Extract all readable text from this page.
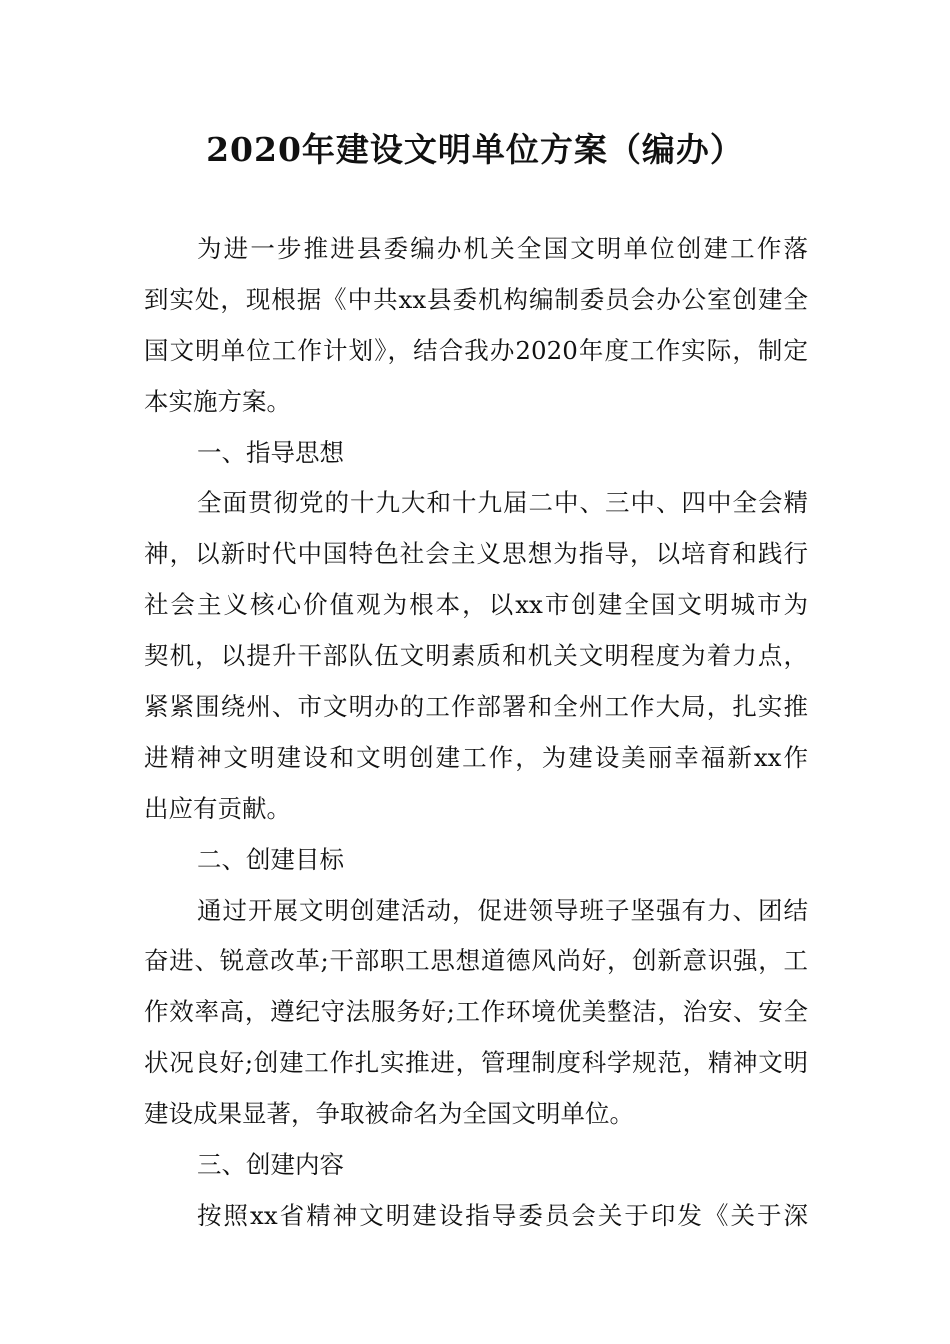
2020年建设文明单位方案（编办）
为进一步推进县委编办机关全国文明单位创建工作落
到实处，现根据《中共xx县委机构编制委员会办公室创建全
国文明单位工作计划》，结合我办2020年度工作实际，制定
本实施方案。
一、指导思想
全面贯彻党的十九大和十九届二中、三中、四中全会精
神，以新时代中国特色社会主义思想为指导，以培育和践行
社会主义核心价值观为根本，以xx市创建全国文明城市为
契机，以提升干部队伍文明素质和机关文明程度为着力点，
紧紧围绕州、市文明办的工作部署和全州工作大局，扎实推
进精神文明建设和文明创建工作，为建设美丽幸福新xx作
出应有贡献。
二、创建目标
通过开展文明创建活动，促进领导班子坚强有力、团结
奋进、锐意改革;干部职工思想道德风尚好，创新意识强，工
作效率高，遵纪守法服务好;工作环境优美整洁，治安、安全
状况良好;创建工作扎实推进，管理制度科学规范，精神文明
建设成果显著，争取被命名为全国文明单位。
三、创建内容
按照xx省精神文明建设指导委员会关于印发《关于深
